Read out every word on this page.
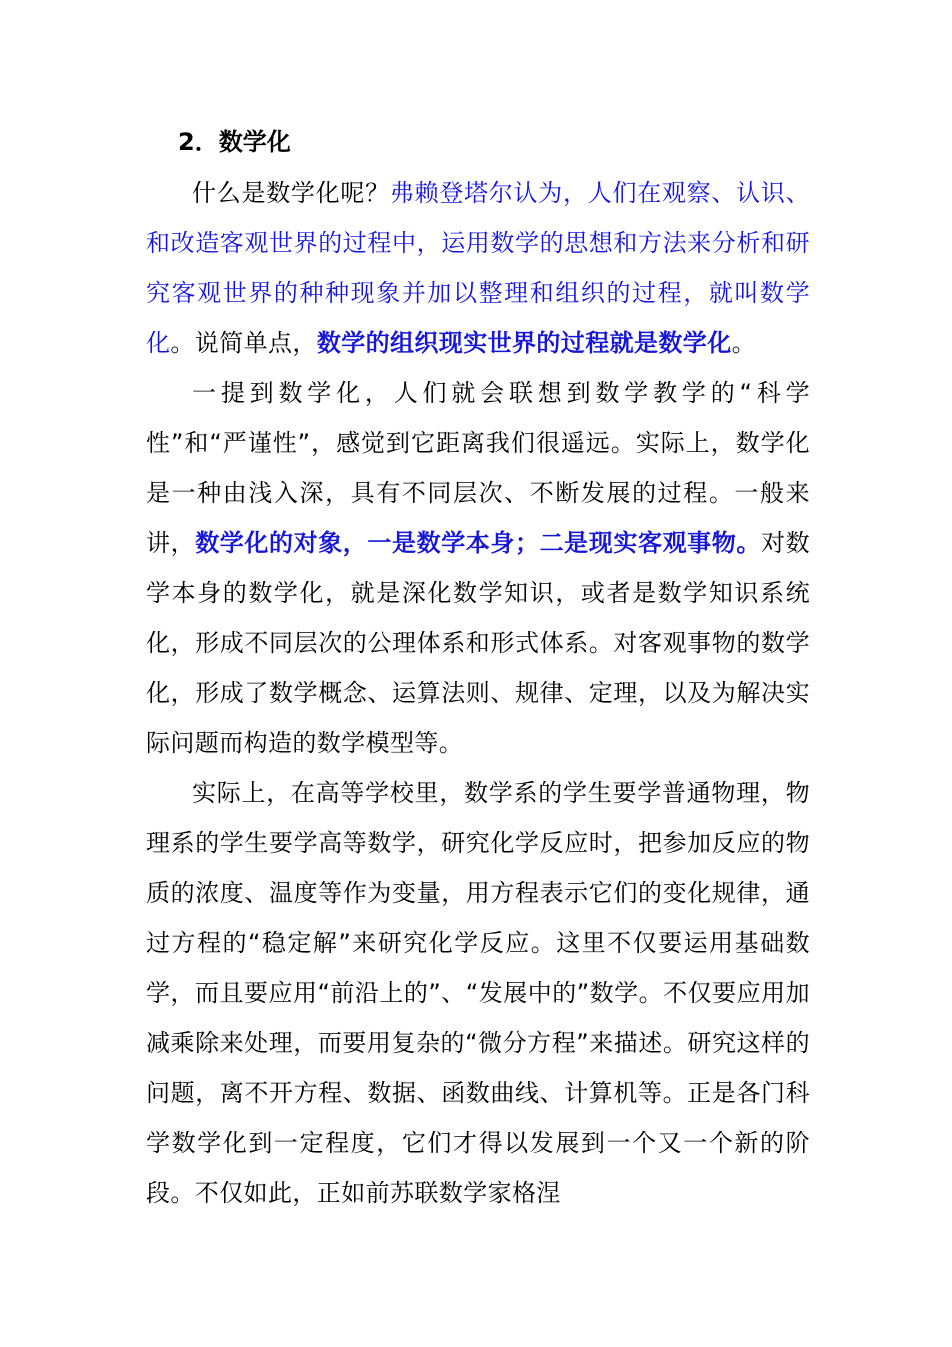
2．数学化

什么是数学化呢？弗赖登塔尔认为，人们在观察、认识、和改造客观世界的过程中，运用数学的思想和方法来分析和研究客观世界的种种现象并加以整理和组织的过程，就叫数学化。说简单点，数学的组织现实世界的过程就是数学化。

一提到数学化，人们就会联想到数学教学的“科学性”和“严谨性”，感觉到它距离我们很遥远。实际上，数学化是一种由浅入深，具有不同层次、不断发展的过程。一般来讲，数学化的对象，一是数学本身；二是现实客观事物。对数学本身的数学化，就是深化数学知识，或者是数学知识系统化，形成不同层次的公理体系和形式体系。对客观事物的数学化，形成了数学概念、运算法则、规律、定理，以及为解决实际问题而构造的数学模型等。

实际上，在高等学校里，数学系的学生要学普通物理，物理系的学生要学高等数学，研究化学反应时，把参加反应的物质的浓度、温度等作为变量，用方程表示它们的变化规律，通过方程的“稳定解”来研究化学反应。这里不仅要运用基础数学，而且要应用“前沿上的”、“发展中的”数学。不仅要应用加减乘除来处理，而要用复杂的“微分方程”来描述。研究这样的问题，离不开方程、数据、函数曲线、计算机等。正是各门科学数学化到一定程度，它们才得以发展到一个又一个新的阶段。不仅如此，正如前苏联数学家格涅
